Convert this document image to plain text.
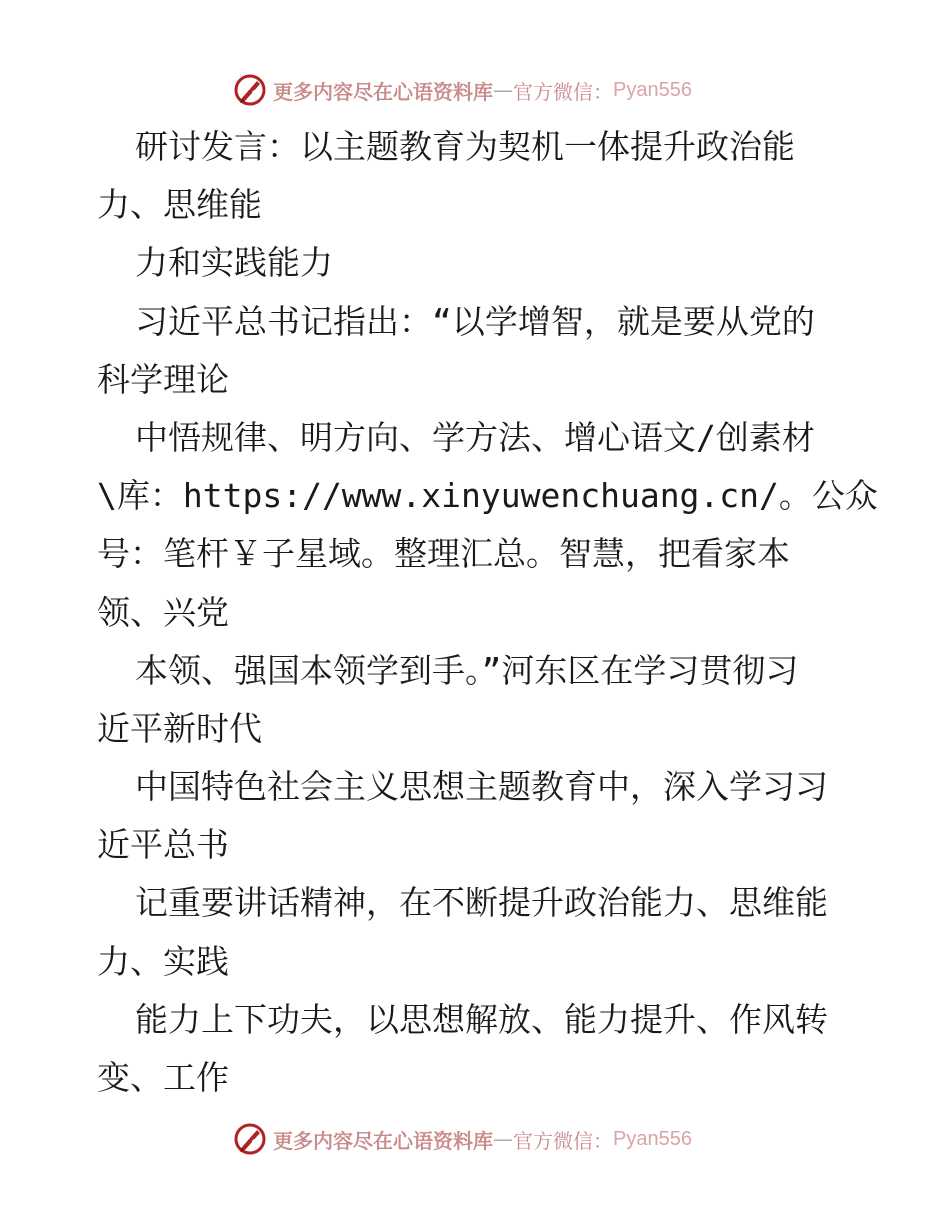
更多内容尽在心语资料库 — 官方微信： Pyan556
研讨发言：以主题教育为契机一体提升政治能
力、思维能
力和实践能力
习近平总书记指出：“以学增智，就是要从党的
科学理论
中悟规律、明方向、学方法、增心语文/创素材
\库：https://www.xinyuwenchuang.cn/。公众
号：笔杆￥子星域。整理汇总。智慧，把看家本
领、兴党
本领、强国本领学到手。”河东区在学习贯彻习
近平新时代
中国特色社会主义思想主题教育中，深入学习习
近平总书
记重要讲话精神，在不断提升政治能力、思维能
力、实践
能力上下功夫，以思想解放、能力提升、作风转
变、工作
更多内容尽在心语资料库 — 官方微信： Pyan556
